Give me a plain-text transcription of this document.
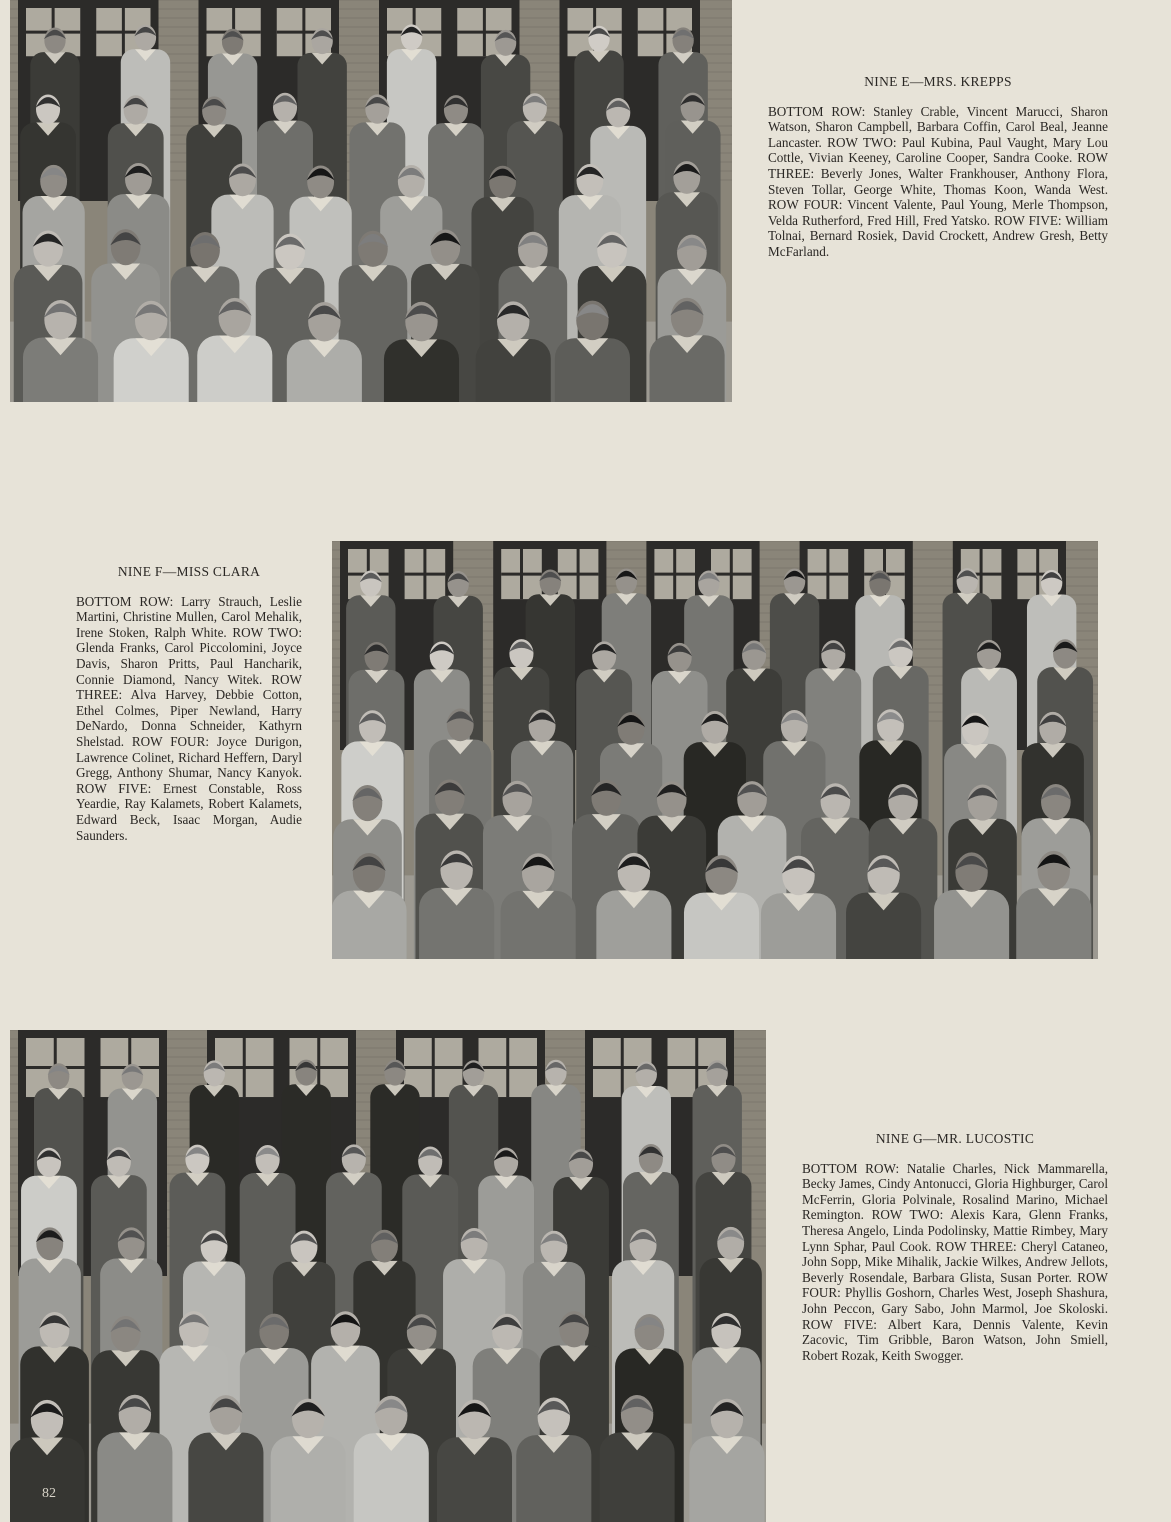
NINE E—MRS. KREPPS

BOTTOM ROW: Stanley Crable, Vincent Marucci, Sharon Watson, Sharon Campbell, Barbara Coffin, Carol Beal, Jeanne Lancaster. ROW TWO: Paul Kubina, Paul Vaught, Mary Lou Cottle, Vivian Keeney, Caroline Cooper, Sandra Cooke. ROW THREE: Beverly Jones, Walter Frankhouser, Anthony Flora, Steven Tollar, George White, Thomas Koon, Wanda West. ROW FOUR: Vincent Valente, Paul Young, Merle Thompson, Velda Rutherford, Fred Hill, Fred Yatsko. ROW FIVE: William Tolnai, Bernard Rosiek, David Crockett, Andrew Gresh, Betty McFarland.

NINE F—MISS CLARA

BOTTOM ROW: Larry Strauch, Leslie Martini, Christine Mullen, Carol Mehalik, Irene Stoken, Ralph White. ROW TWO: Glenda Franks, Carol Piccolomini, Joyce Davis, Sharon Pritts, Paul Hancharik, Connie Diamond, Nancy Witek. ROW THREE: Alva Harvey, Debbie Cotton, Ethel Colmes, Piper Newland, Harry DeNardo, Donna Schneider, Kathyrn Shelstad. ROW FOUR: Joyce Durigon, Lawrence Colinet, Richard Heffern, Daryl Gregg, Anthony Shumar, Nancy Kanyok. ROW FIVE: Ernest Constable, Ross Yeardie, Ray Kalamets, Robert Kalamets, Edward Beck, Isaac Morgan, Audie Saunders.

NINE G—MR. LUCOSTIC

BOTTOM ROW: Natalie Charles, Nick Mammarella, Becky James, Cindy Antonucci, Gloria Highburger, Carol McFerrin, Gloria Polvinale, Rosalind Marino, Michael Remington. ROW TWO: Alexis Kara, Glenn Franks, Theresa Angelo, Linda Podolinsky, Mattie Rimbey, Mary Lynn Sphar, Paul Cook. ROW THREE: Cheryl Cataneo, John Sopp, Mike Mihalik, Jackie Wilkes, Andrew Jellots, Beverly Rosendale, Barbara Glista, Susan Porter. ROW FOUR: Phyllis Goshorn, Charles West, Joseph Shashura, John Peccon, Gary Sabo, John Marmol, Joe Skoloski. ROW FIVE: Albert Kara, Dennis Valente, Kevin Zacovic, Tim Gribble, Baron Watson, John Smiell, Robert Rozak, Keith Swogger.

82
